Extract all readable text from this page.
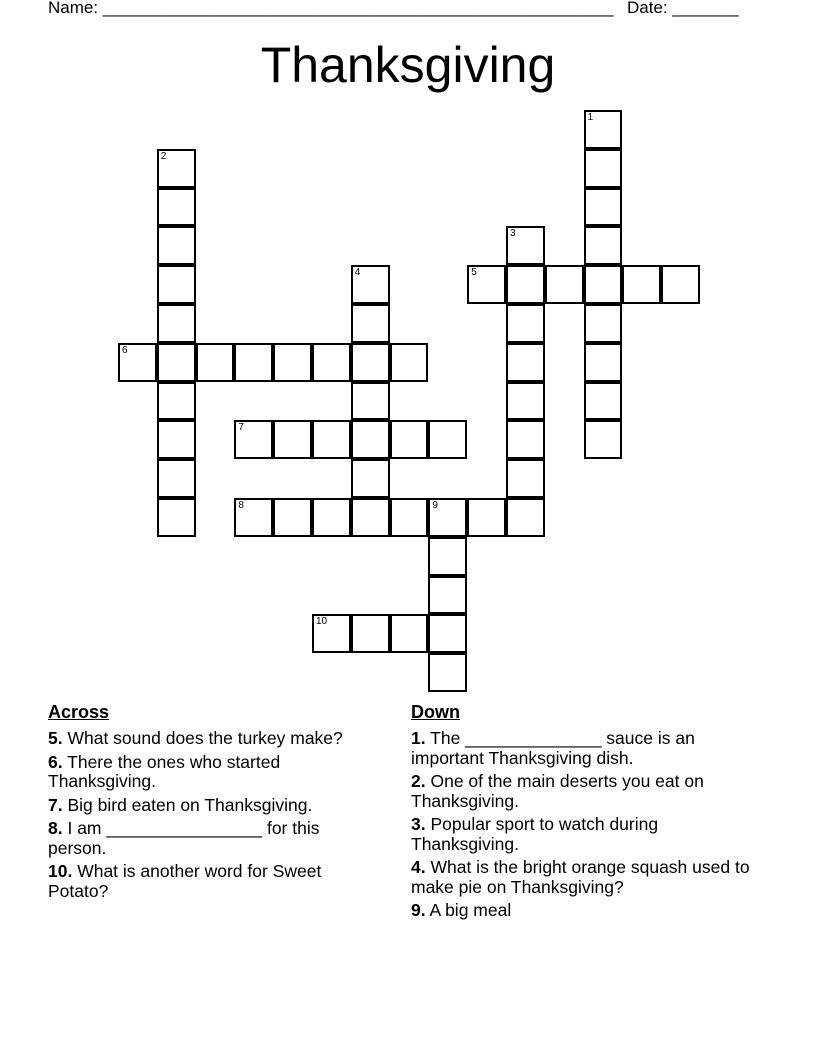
Name: ______________________________________________________ Date: _______
Thanksgiving
1
2
3
4	5
6
7
8	9
10
Across
5. What sound does the turkey make?
6. There the ones who started Thanksgiving.
7. Big bird eaten on Thanksgiving.
8. I am ________________ for this person.
10. What is another word for Sweet Potato?
Down
1. The ______________ sauce is an important Thanksgiving dish.
2. One of the main deserts you eat on Thanksgiving.
3. Popular sport to watch during Thanksgiving.
4. What is the bright orange squash used to make pie on Thanksgiving?
9. A big meal
